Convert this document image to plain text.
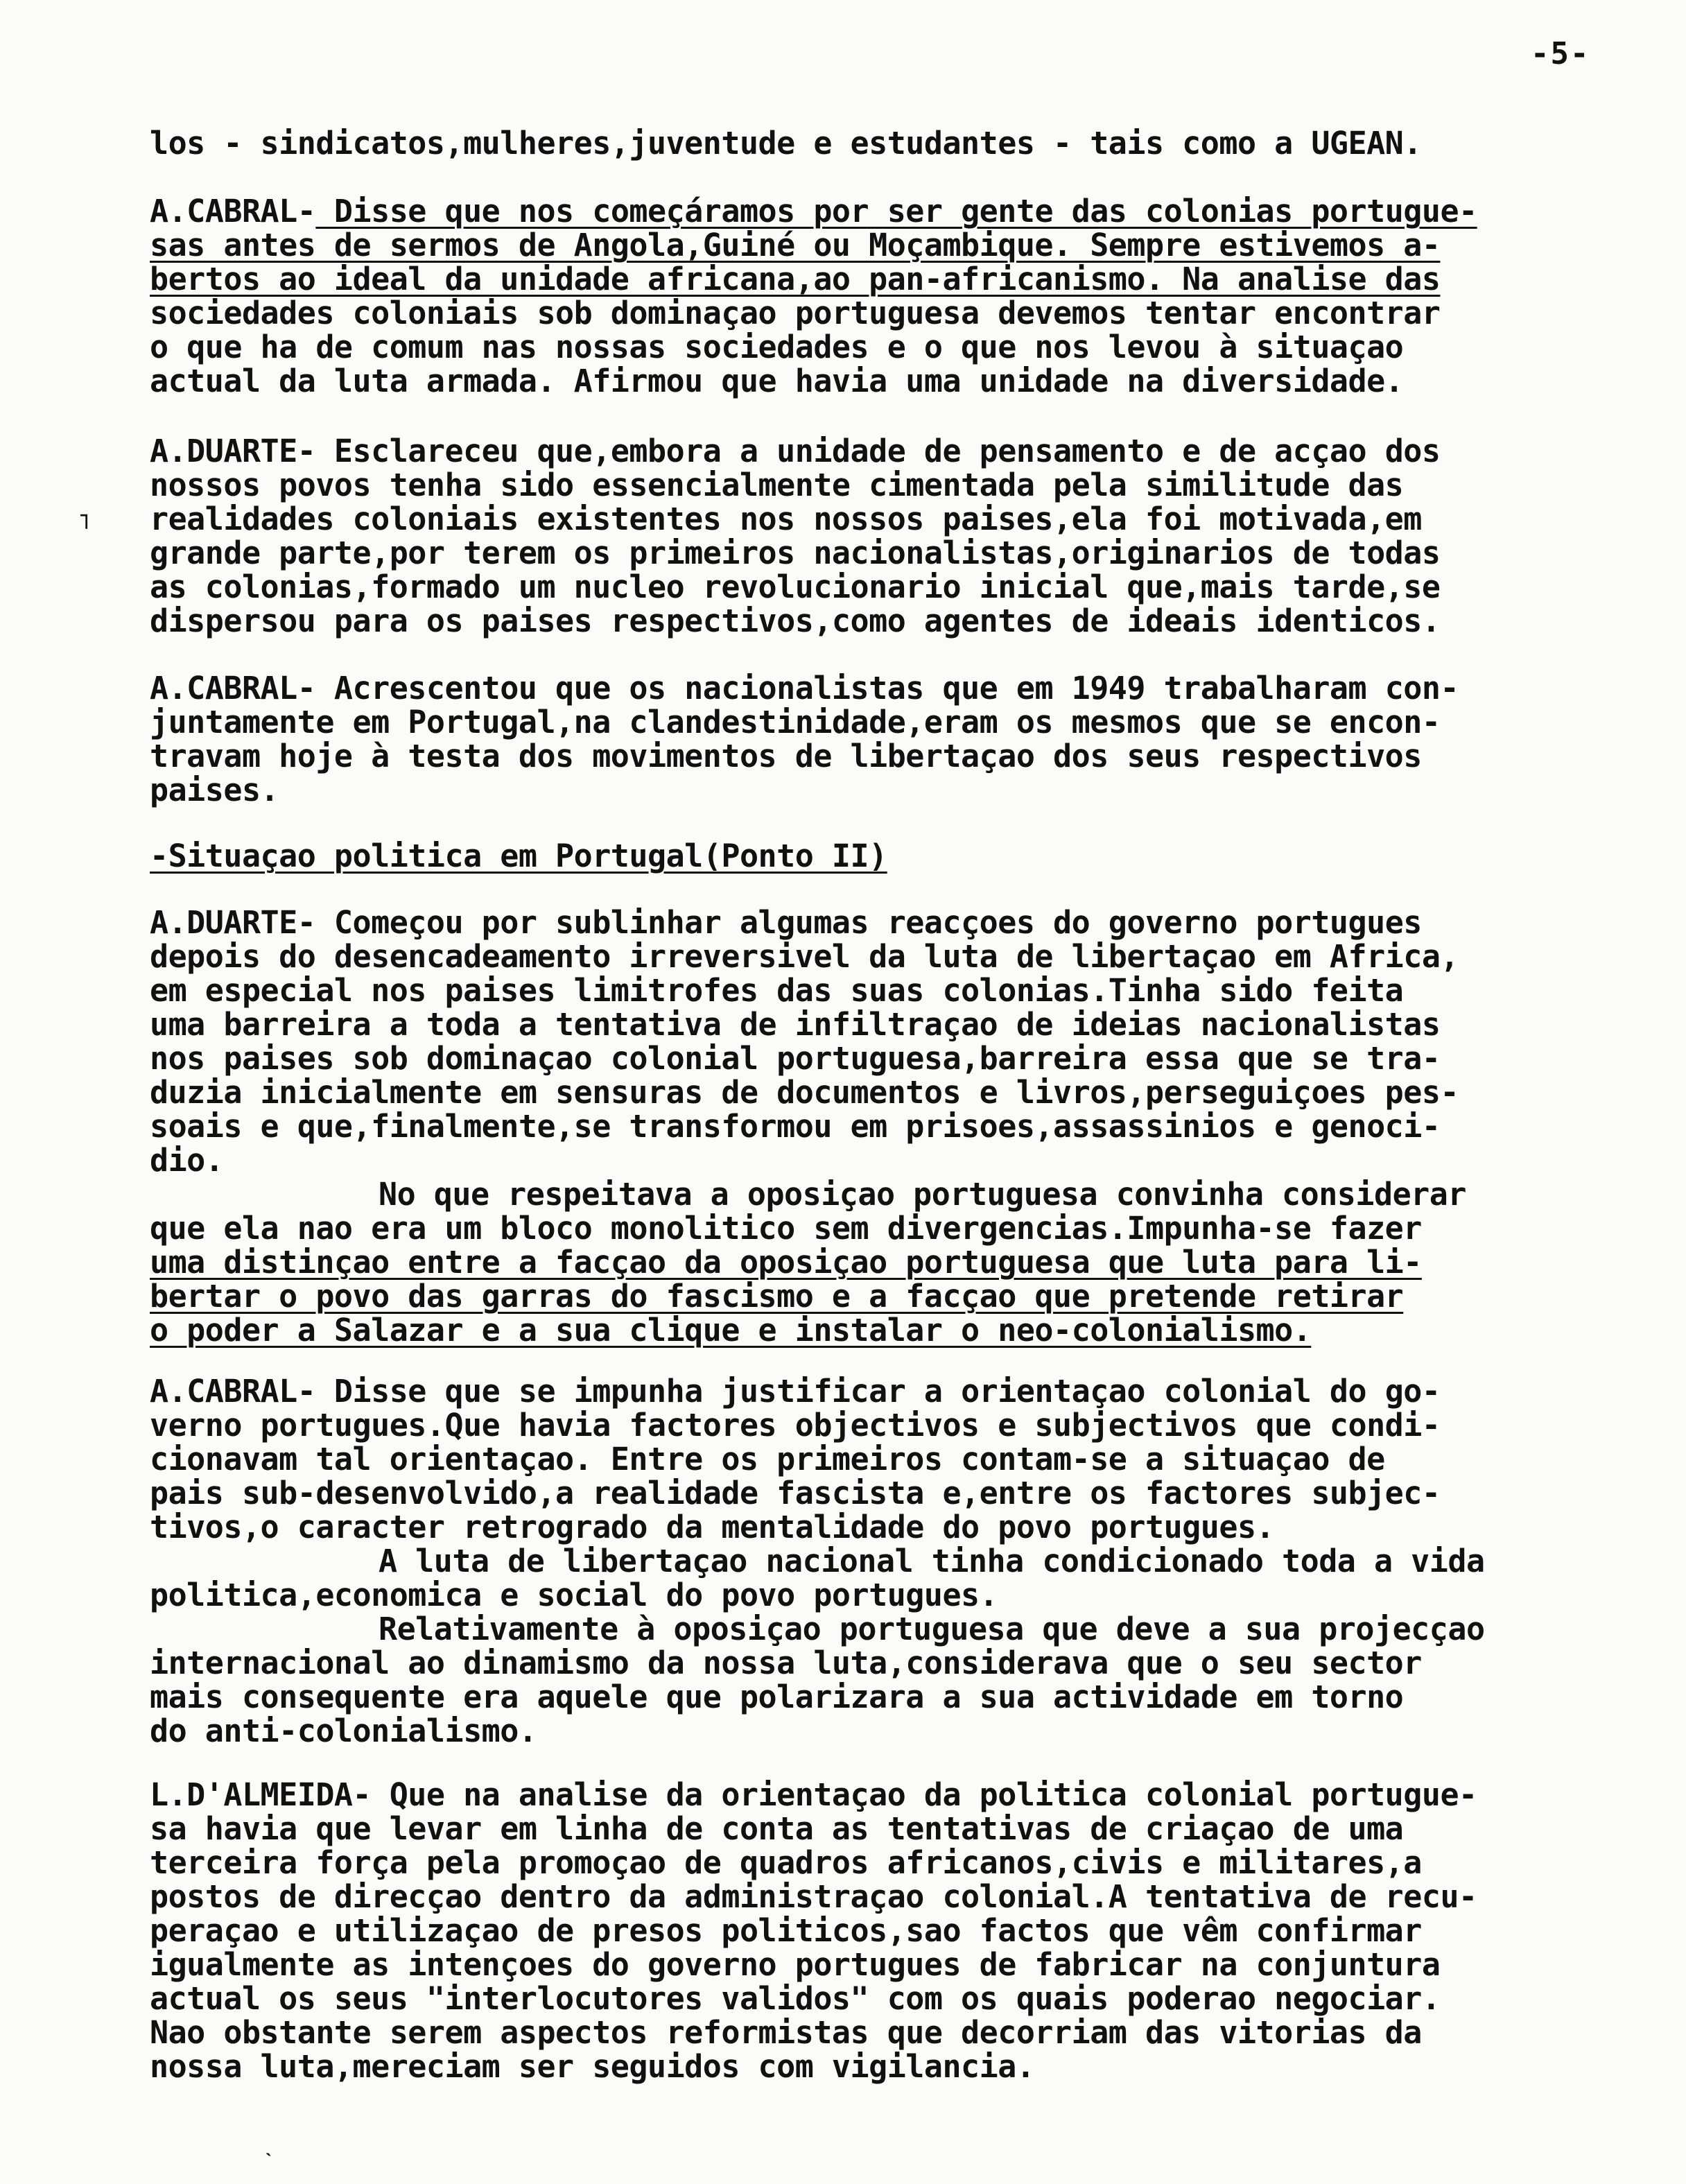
-5-
los - sindicatos,mulheres,juventude e estudantes - tais como a UGEAN.
A.CABRAL- Disse que nos começáramos por ser gente das colonias portugue-
sas antes de sermos de Angola,Guiné ou Moçambique. Sempre estivemos a-
bertos ao ideal da unidade africana,ao pan-africanismo. Na analise das
sociedades coloniais sob dominaçao portuguesa devemos tentar encontrar
o que ha de comum nas nossas sociedades e o que nos levou à situaçao
actual da luta armada. Afirmou que havia uma unidade na diversidade.
A.DUARTE- Esclareceu que,embora a unidade de pensamento e de acçao dos
nossos povos tenha sido essencialmente cimentada pela similitude das
realidades coloniais existentes nos nossos paises,ela foi motivada,em
grande parte,por terem os primeiros nacionalistas,originarios de todas
as colonias,formado um nucleo revolucionario inicial que,mais tarde,se
dispersou para os paises respectivos,como agentes de ideais identicos.
A.CABRAL- Acrescentou que os nacionalistas que em 1949 trabalharam con-
juntamente em Portugal,na clandestinidade,eram os mesmos que se encon-
travam hoje à testa dos movimentos de libertaçao dos seus respectivos
paises.
-Situaçao politica em Portugal(Ponto II)
A.DUARTE- Começou por sublinhar algumas reacçoes do governo portugues
depois do desencadeamento irreversivel da luta de libertaçao em Africa,
em especial nos paises limitrofes das suas colonias.Tinha sido feita
uma barreira a toda a tentativa de infiltraçao de ideias nacionalistas
nos paises sob dominaçao colonial portuguesa,barreira essa que se tra-
duzia inicialmente em sensuras de documentos e livros,perseguiçoes pes-
soais e que,finalmente,se transformou em prisoes,assassinios e genoci-
dio.
No que respeitava a oposiçao portuguesa convinha considerar
que ela nao era um bloco monolitico sem divergencias.Impunha-se fazer
uma distinçao entre a facçao da oposiçao portuguesa que luta para li-
bertar o povo das garras do fascismo e a facçao que pretende retirar
o poder a Salazar e a sua clique e instalar o neo-colonialismo.
A.CABRAL- Disse que se impunha justificar a orientaçao colonial do go-
verno portugues.Que havia factores objectivos e subjectivos que condi-
cionavam tal orientaçao. Entre os primeiros contam-se a situaçao de
pais sub-desenvolvido,a realidade fascista e,entre os factores subjec-
tivos,o caracter retrogrado da mentalidade do povo portugues.
A luta de libertaçao nacional tinha condicionado toda a vida
politica,economica e social do povo portugues.
Relativamente à oposiçao portuguesa que deve a sua projecçao
internacional ao dinamismo da nossa luta,considerava que o seu sector
mais consequente era aquele que polarizara a sua actividade em torno
do anti-colonialismo.
L.D'ALMEIDA- Que na analise da orientaçao da politica colonial portugue-
sa havia que levar em linha de conta as tentativas de criaçao de uma
terceira força pela promoçao de quadros africanos,civis e militares,a
postos de direcçao dentro da administraçao colonial.A tentativa de recu-
peraçao e utilizaçao de presos politicos,sao factos que vêm confirmar
igualmente as intençoes do governo portugues de fabricar na conjuntura
actual os seus "interlocutores validos" com os quais poderao negociar.
Nao obstante serem aspectos reformistas que decorriam das vitorias da
nossa luta,mereciam ser seguidos com vigilancia.
˥
ˋ
